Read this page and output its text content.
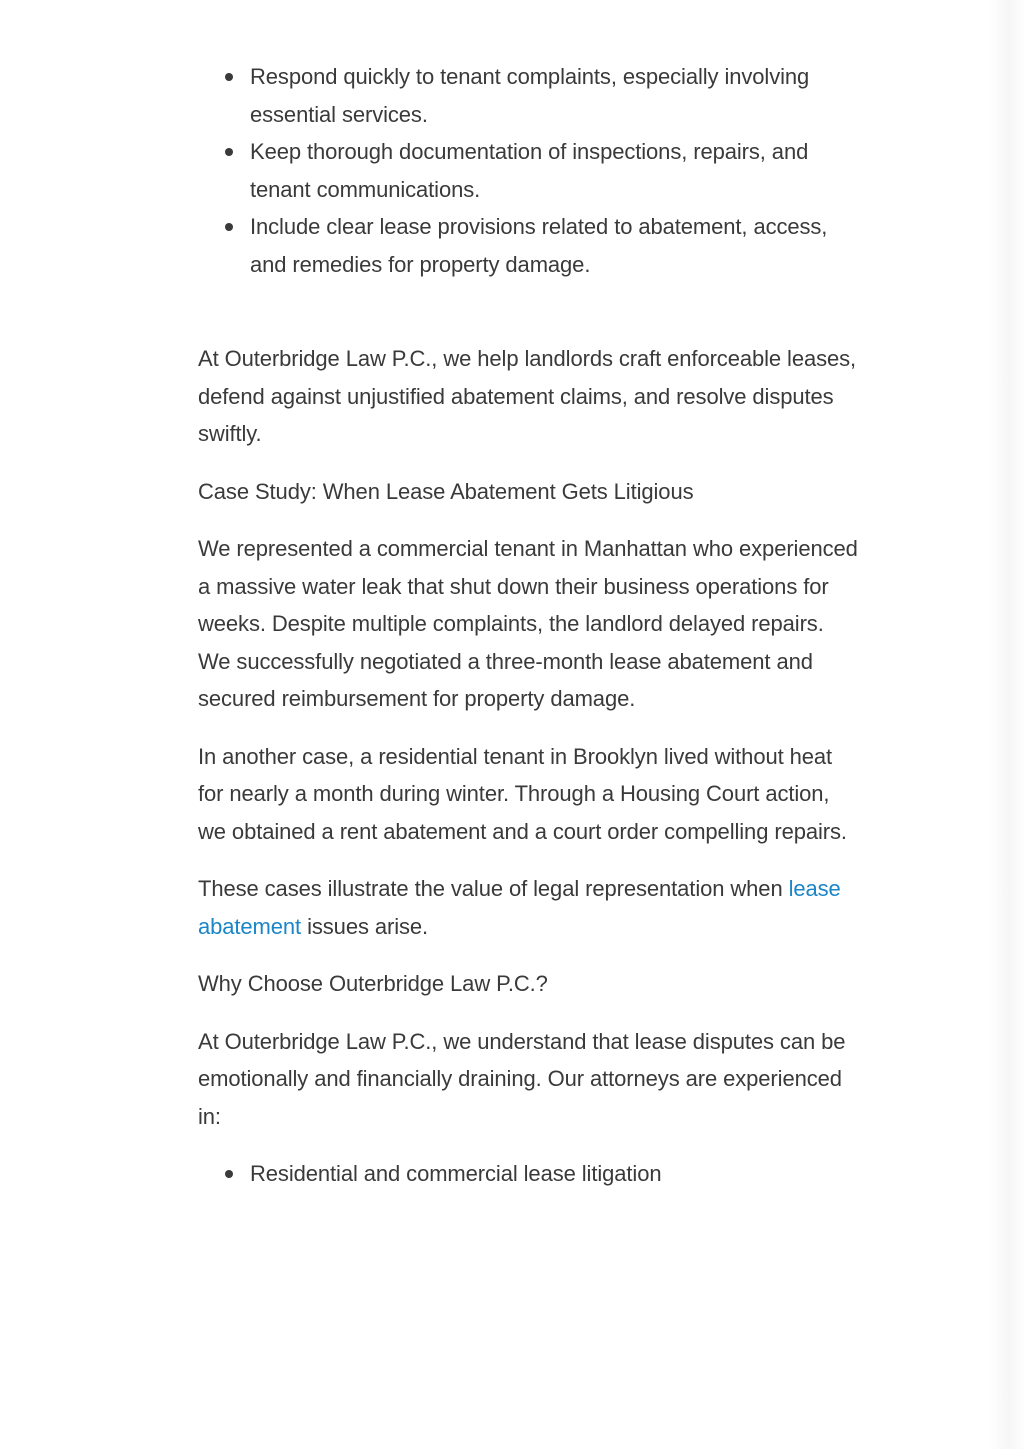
Respond quickly to tenant complaints, especially involving essential services.
Keep thorough documentation of inspections, repairs, and tenant communications.
Include clear lease provisions related to abatement, access, and remedies for property damage.

At Outerbridge Law P.C., we help landlords craft enforceable leases, defend against unjustified abatement claims, and resolve disputes swiftly.

Case Study: When Lease Abatement Gets Litigious

We represented a commercial tenant in Manhattan who experienced a massive water leak that shut down their business operations for weeks. Despite multiple complaints, the landlord delayed repairs. We successfully negotiated a three-month lease abatement and secured reimbursement for property damage.

In another case, a residential tenant in Brooklyn lived without heat for nearly a month during winter. Through a Housing Court action, we obtained a rent abatement and a court order compelling repairs.

These cases illustrate the value of legal representation when lease abatement issues arise.

Why Choose Outerbridge Law P.C.?

At Outerbridge Law P.C., we understand that lease disputes can be emotionally and financially draining. Our attorneys are experienced in:

Residential and commercial lease litigation
